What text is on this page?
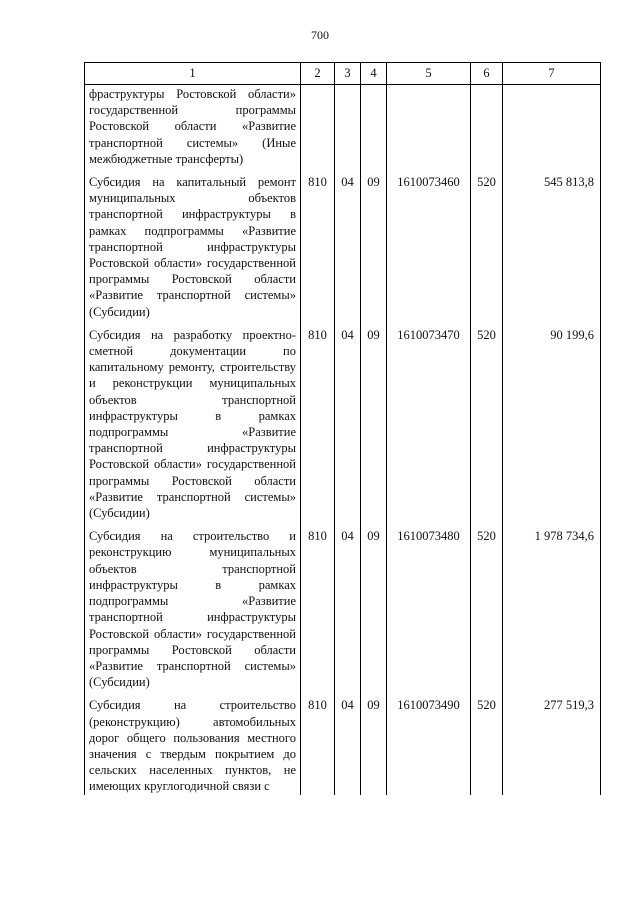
700
1	2	3	4	5	6	7
фраструктуры Ростовской области» государственной программы Ростовской области «Развитие транспортной системы» (Иные межбюджетные трансферты)						

Субсидия на капитальный ремонт муниципальных объектов транспортной инфраструктуры в рамках подпрограммы «Развитие транспортной инфраструктуры Ростовской области» государственной программы Ростовской области «Развитие транспортной системы» (Субсидии)	810	04	09	1610073460	520	545 813,8

Субсидия на разработку проектно-сметной документации по капитальному ремонту, строительству и реконструкции муниципальных объектов транспортной инфраструктуры в рамках подпрограммы «Развитие транспортной инфраструктуры Ростовской области» государственной программы Ростовской области «Развитие транспортной системы» (Субсидии)	810	04	09	1610073470	520	90 199,6

Субсидия на строительство и реконструкцию муниципальных объектов транспортной инфраструктуры в рамках подпрограммы «Развитие транспортной инфраструктуры Ростовской области» государственной программы Ростовской области «Развитие транспортной системы» (Субсидии)	810	04	09	1610073480	520	1 978 734,6

Субсидия на строительство (реконструкцию) автомобильных дорог общего пользования местного значения с твердым покрытием до сельских населенных пунктов, не имеющих круглогодичной связи с	810	04	09	1610073490	520	277 519,3
